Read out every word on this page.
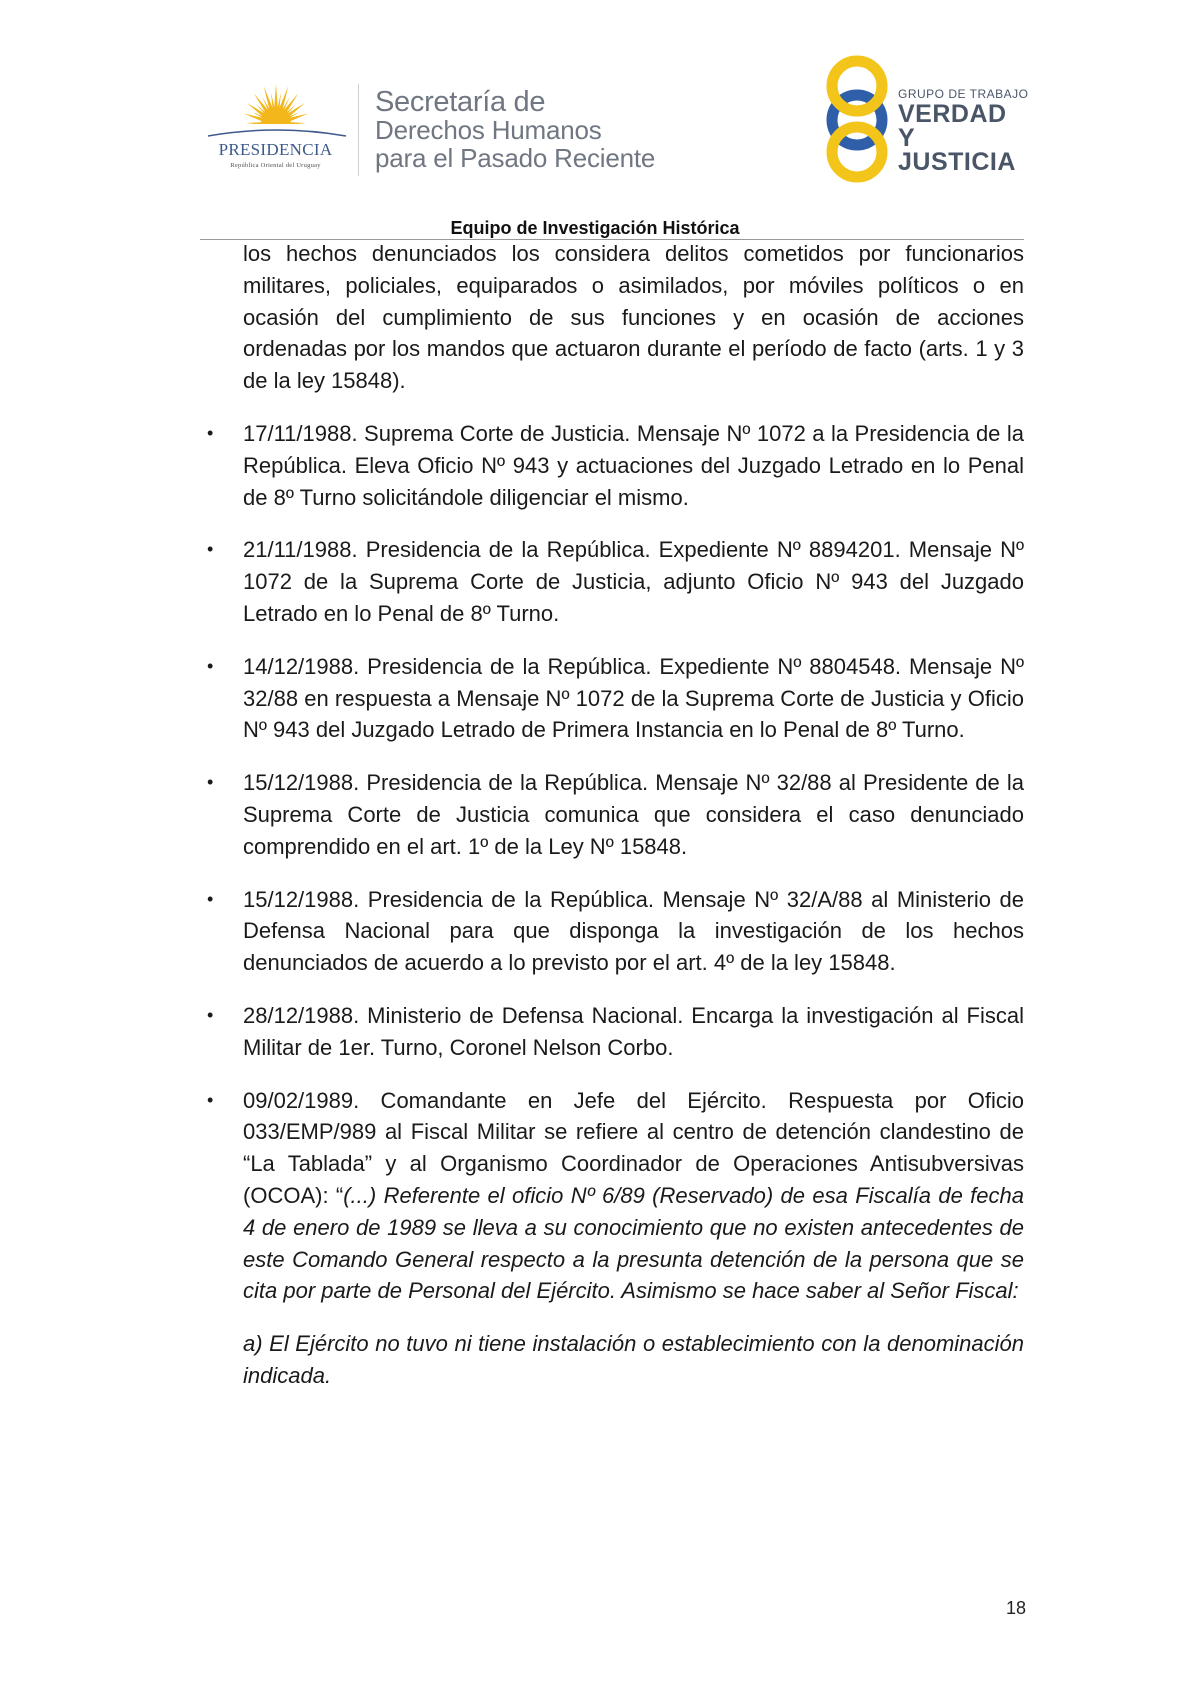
PRESIDENCIA
República Oriental del Uruguay
Secretaría de
Derechos Humanos
para el Pasado Reciente
GRUPO DE TRABAJO
VERDAD Y
JUSTICIA
Equipo de Investigación Histórica

los hechos denunciados los considera delitos cometidos por funcionarios militares, policiales, equiparados o asimilados, por móviles políticos o en ocasión del cumplimiento de sus funciones y en ocasión de acciones ordenadas por los mandos que actuaron durante el período de facto (arts. 1 y 3 de la ley 15848).

• 17/11/1988. Suprema Corte de Justicia. Mensaje Nº 1072 a la Presidencia de la República. Eleva Oficio Nº 943 y actuaciones del Juzgado Letrado en lo Penal de 8º Turno solicitándole diligenciar el mismo.
• 21/11/1988. Presidencia de la República. Expediente Nº 8894201. Mensaje Nº 1072 de la Suprema Corte de Justicia, adjunto Oficio Nº 943 del Juzgado Letrado en lo Penal de 8º Turno.
• 14/12/1988. Presidencia de la República. Expediente Nº 8804548. Mensaje Nº 32/88 en respuesta a Mensaje Nº 1072 de la Suprema Corte de Justicia y Oficio Nº 943 del Juzgado Letrado de Primera Instancia en lo Penal de 8º Turno.
• 15/12/1988. Presidencia de la República. Mensaje Nº 32/88 al Presidente de la Suprema Corte de Justicia comunica que considera el caso denunciado comprendido en el art. 1º de la Ley Nº 15848.
• 15/12/1988. Presidencia de la República. Mensaje Nº 32/A/88 al Ministerio de Defensa Nacional para que disponga la investigación de los hechos denunciados de acuerdo a lo previsto por el art. 4º de la ley 15848.
• 28/12/1988. Ministerio de Defensa Nacional. Encarga la investigación al Fiscal Militar de 1er. Turno, Coronel Nelson Corbo.
• 09/02/1989. Comandante en Jefe del Ejército. Respuesta por Oficio 033/EMP/989 al Fiscal Militar se refiere al centro de detención clandestino de “La Tablada” y al Organismo Coordinador de Operaciones Antisubversivas (OCOA): “(...) Referente el oficio Nº 6/89 (Reservado) de esa Fiscalía de fecha 4 de enero de 1989 se lleva a su conocimiento que no existen antecedentes de este Comando General respecto a la presunta detención de la persona que se cita por parte de Personal del Ejército. Asimismo se hace saber al Señor Fiscal:

a) El Ejército no tuvo ni tiene instalación o establecimiento con la denominación indicada.

18
